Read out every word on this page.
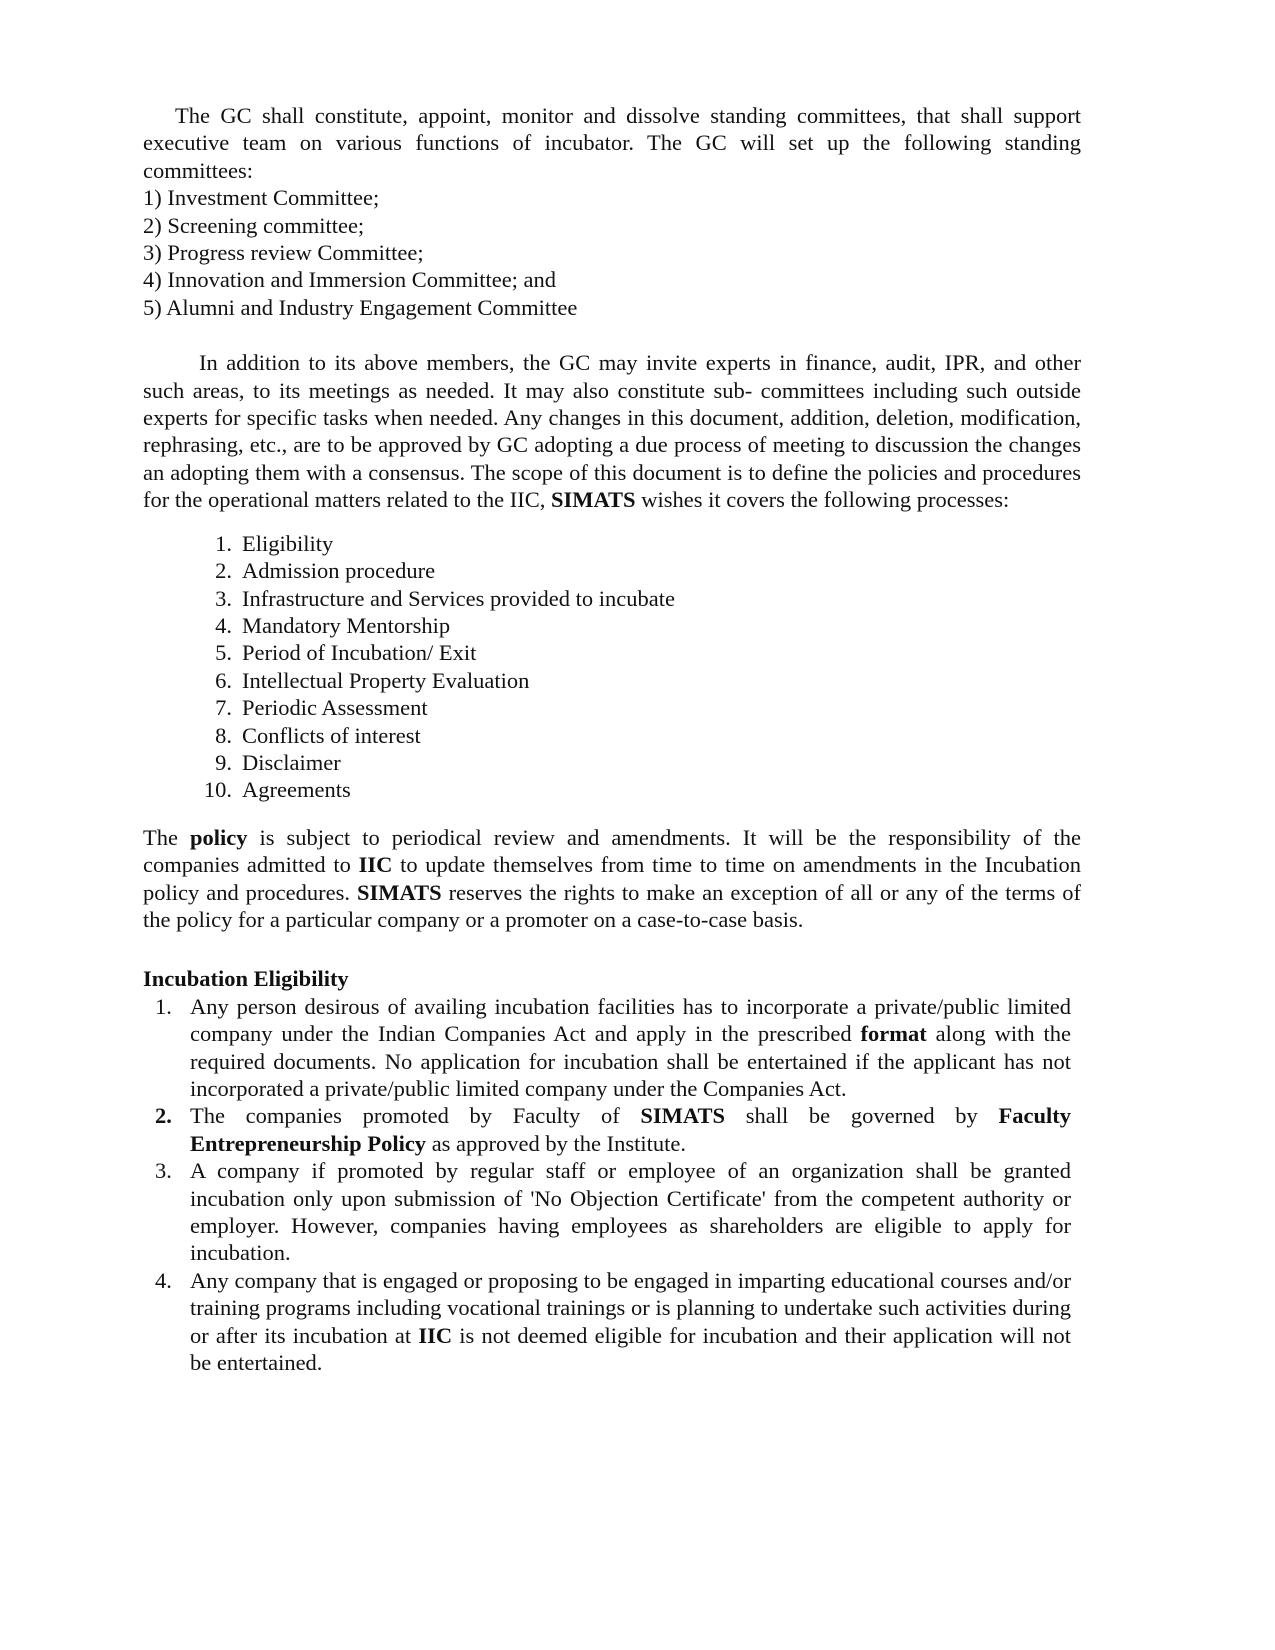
The GC shall constitute, appoint, monitor and dissolve standing committees, that shall support executive team on various functions of incubator. The GC will set up the following standing committees:

1) Investment Committee;
2) Screening committee;
3) Progress review Committee;
4) Innovation and Immersion Committee; and
5) Alumni and Industry Engagement Committee

In addition to its above members, the GC may invite experts in finance, audit, IPR, and other such areas, to its meetings as needed. It may also constitute sub- committees including such outside experts for specific tasks when needed. Any changes in this document, addition, deletion, modification, rephrasing, etc., are to be approved by GC adopting a due process of meeting to discussion the changes an adopting them with a consensus. The scope of this document is to define the policies and procedures for the operational matters related to the IIC, SIMATS wishes it covers the following processes:

1. Eligibility
2. Admission procedure
3. Infrastructure and Services provided to incubate
4. Mandatory Mentorship
5. Period of Incubation/ Exit
6. Intellectual Property Evaluation
7. Periodic Assessment
8. Conflicts of interest
9. Disclaimer
10. Agreements

The policy is subject to periodical review and amendments. It will be the responsibility of the companies admitted to IIC to update themselves from time to time on amendments in the Incubation policy and procedures. SIMATS reserves the rights to make an exception of all or any of the terms of the policy for a particular company or a promoter on a case-to-case basis.

Incubation Eligibility
1. Any person desirous of availing incubation facilities has to incorporate a private/public limited company under the Indian Companies Act and apply in the prescribed format along with the required documents. No application for incubation shall be entertained if the applicant has not incorporated a private/public limited company under the Companies Act.
2. The companies promoted by Faculty of SIMATS shall be governed by Faculty Entrepreneurship Policy as approved by the Institute.
3. A company if promoted by regular staff or employee of an organization shall be granted incubation only upon submission of 'No Objection Certificate' from the competent authority or employer. However, companies having employees as shareholders are eligible to apply for incubation.
4. Any company that is engaged or proposing to be engaged in imparting educational courses and/or training programs including vocational trainings or is planning to undertake such activities during or after its incubation at IIC is not deemed eligible for incubation and their application will not be entertained.
